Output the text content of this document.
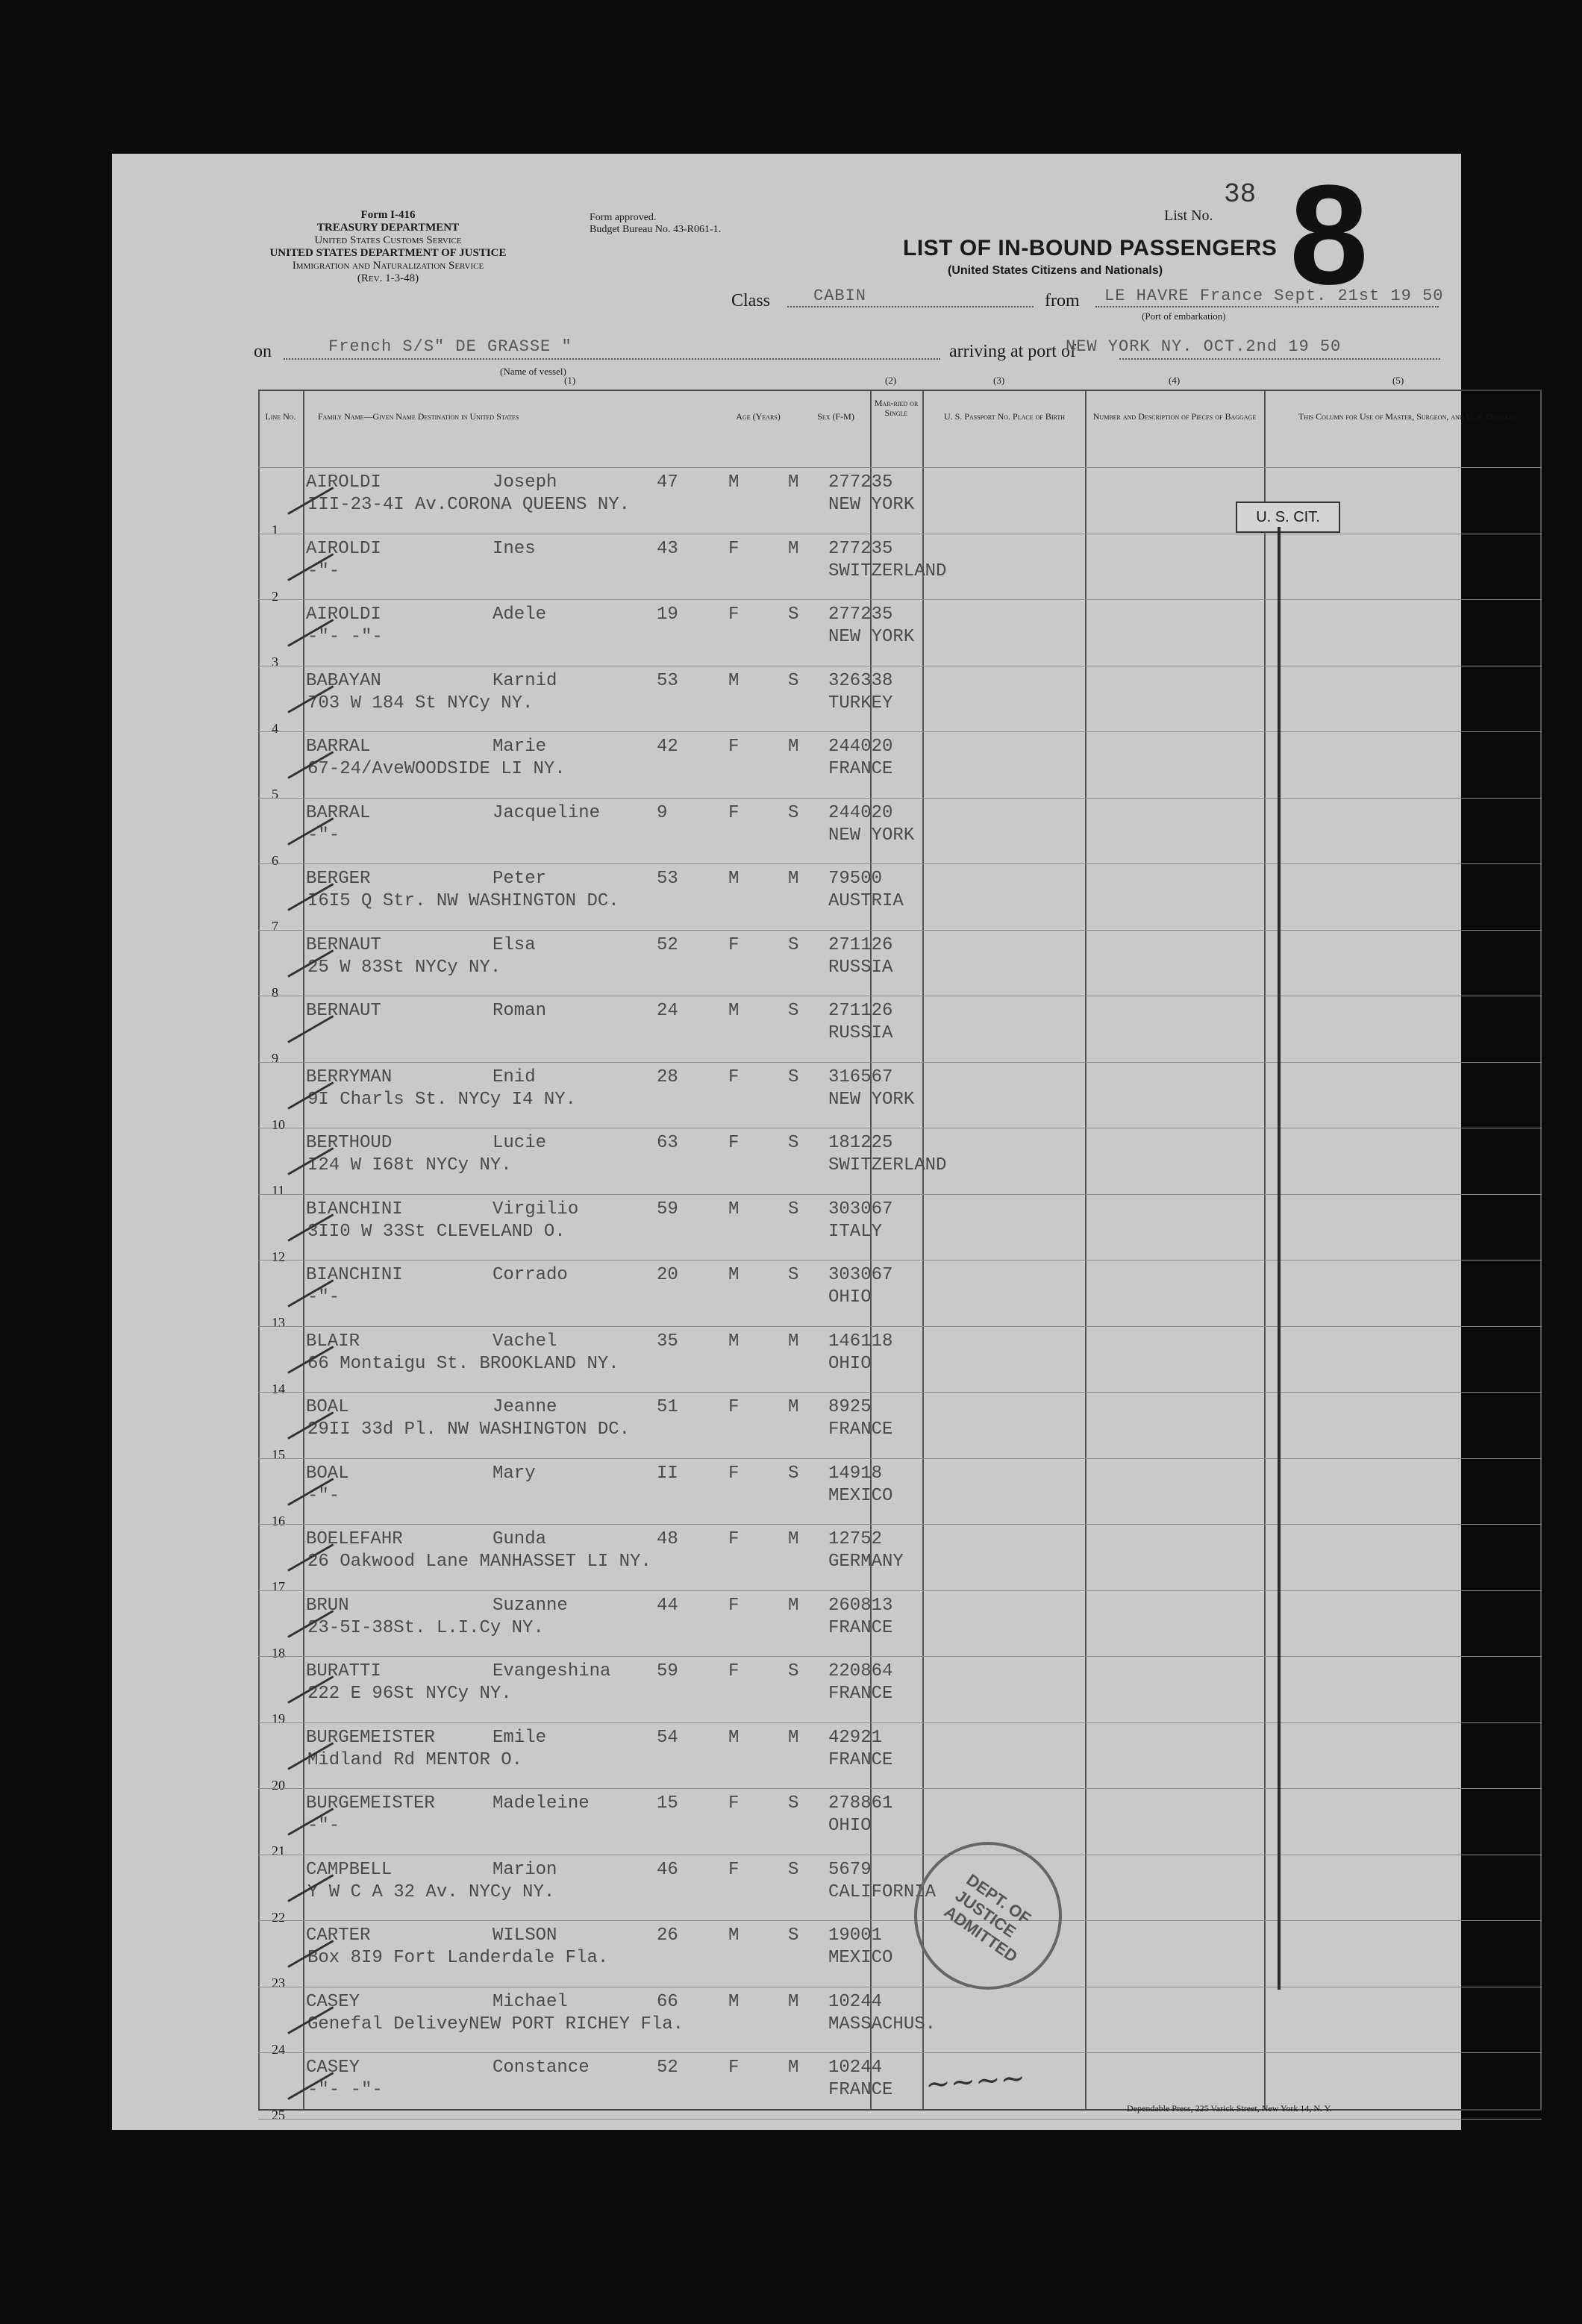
Form I-416
TREASURY DEPARTMENT
United States Customs Service
UNITED STATES DEPARTMENT OF JUSTICE
Immigration and Naturalization Service
(Rev. 1-3-48)
Form approved.
Budget Bureau No. 43-R061-1.
38
List No. 8
LIST OF IN-BOUND PASSENGERS
(United States Citizens and Nationals)
Class	CABIN	from LE HAVRE France Sept. 21st 19 50
(Port of embarkation)
on	French S/S" DE GRASSE "
(Name of vessel)
arriving at port of
NEW YORK NY. OCT.2nd 19 50
(1)	(2)	(3)	(4)	(5)
Line No.	Family Name—Given Name Destination in United States	Age (Years)	Sex (F-M)
Mar-ried or Single	U. S. Passport No. Place of Birth	Number and Description of Pieces of Baggage	This Column for Use of Master, Surgeon, and U. S. Officers
1
AIROLDI	Joseph	47	M	M
III-23-4I Av.CORONA QUEENS NY.
277235
NEW YORK
2
AIROLDI	Ines	43	F	M
-"-
277235
SWITZERLAND
3
AIROLDI	Adele	19	F	S
-"- -"-
277235
NEW YORK
4
BABAYAN	Karnid	53	M	S
703 W 184 St NYCy NY.
326338
TURKEY
5
BARRAL	Marie	42	F	M
67-24/AveWOODSIDE LI NY.
244020
FRANCE
6
BARRAL	Jacqueline	9	F	S
-"-
244020
NEW YORK
7
BERGER	Peter	53	M	M
I6I5 Q Str. NW WASHINGTON DC.
79500
AUSTRIA
8
BERNAUT	Elsa	52	F	S
25 W 83St NYCy NY.
271126
RUSSIA
9
BERNAUT	Roman	24	M	S 271126
RUSSIA
10
BERRYMAN	Enid	28	F	S
9I Charls St. NYCy I4 NY.
316567
NEW YORK
11
BERTHOUD	Lucie	63	F	S
I24 W I68t NYCy NY.
181225
SWITZERLAND
12
BIANCHINI	Virgilio	59	M	S
3II0 W 33St CLEVELAND O.
303067
ITALY
13
BIANCHINI	Corrado	20	M	S
-"-
303067
OHIO
14
BLAIR	Vachel	35	M	M
66 Montaigu St. BROOKLAND NY.
146118
OHIO
15
BOAL	Jeanne	51	F	M
29II 33d Pl. NW WASHINGTON DC.
8925
FRANCE
16
BOAL	Mary	II	F	S
-"-
14918
MEXICO
17
BOELEFAHR	Gunda	48	F	M
26 Oakwood Lane MANHASSET LI NY.
12752
GERMANY
18
BRUN	Suzanne	44	F	M
23-5I-38St. L.I.Cy NY.
260813
FRANCE
19
BURATTI	Evangeshina	59	F	S
222 E 96St NYCy NY.
220864
FRANCE
20
BURGEMEISTER	Emile	54	M	M
Midland Rd MENTOR O.
42921
FRANCE
21
BURGEMEISTER	Madeleine	15	F	S
-"-
278861
OHIO
22
CAMPBELL	Marion	46	F	S
Y W C A 32 Av. NYCy NY.
5679
CALIFORNIA
23
CARTER	WILSON	26	M	S
Box 8I9 Fort Landerdale Fla.
19001
MEXICO
24
CASEY	Michael	66	M	M
Genefal DeliveyNEW PORT RICHEY Fla.
10244
MASSACHUS.
25
CASEY	Constance	52	F	M
-"- -"-
10244
FRANCE
U. S. CIT.
DEPT. OF JUSTICE ADMITTED
~~~~
Dependable Press, 225 Varick Street, New York 14, N. Y.
